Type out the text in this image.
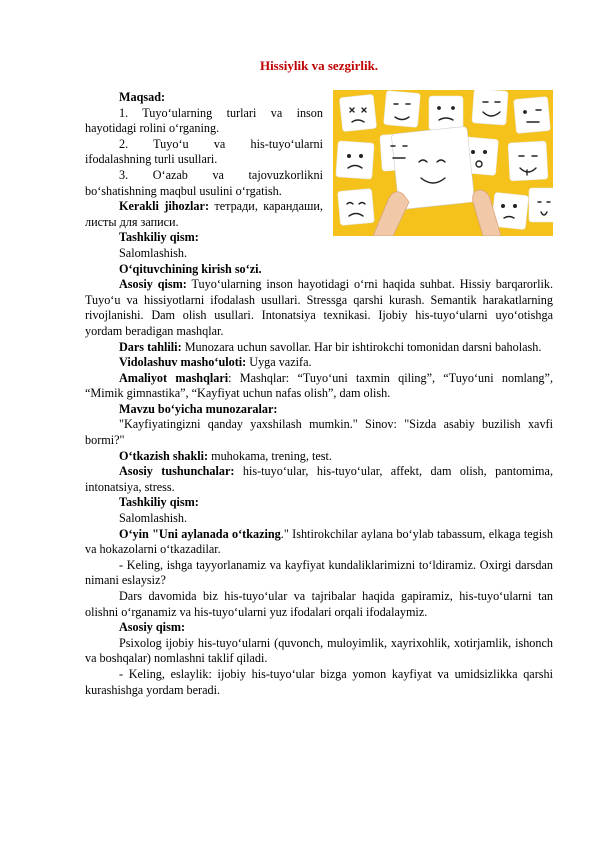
Hissiylik va sezgirlik.

Maqsad:

1. Tuyo‘ularning turlari va inson hayotidagi rolini o‘rganing.

2. Tuyo‘u va his-tuyo‘ularni ifodalashning turli usullari.

3. O‘azab va tajovuzkorlikni bo‘shatishning maqbul usulini o‘rgatish.

Kerakli jihozlar: тетради, карандаши, листы для записи.

Tashkiliy qism:

Salomlashish.

O‘qituvchining kirish so‘zi.

Asosiy qism: Tuyo‘ularning inson hayotidagi o‘rni haqida suhbat. Hissiy barqarorlik. Tuyo‘u va hissiyotlarni ifodalash usullari. Stressga qarshi kurash. Semantik harakatlarning rivojlanishi. Dam olish usullari. Intonatsiya texnikasi. Ijobiy his-tuyo‘ularni uyo‘otishga yordam beradigan mashqlar.

Dars tahlili: Munozara uchun savollar. Har bir ishtirokchi tomonidan darsni baholash.

Vidolashuv masho‘uloti: Uyga vazifa.

Amaliyot mashqlari: Mashqlar: “Tuyo‘uni taxmin qiling”, “Tuyo‘uni nomlang”, “Mimik gimnastika”, “Kayfiyat uchun nafas olish”, dam olish.

Mavzu bo‘yicha munozaralar:

"Kayfiyatingizni qanday yaxshilash mumkin." Sinov: "Sizda asabiy buzilish xavfi bormi?"

O‘tkazish shakli: muhokama, trening, test.

Asosiy tushunchalar: his-tuyo‘ular, his-tuyo‘ular, affekt, dam olish, pantomima, intonatsiya, stress.

Tashkiliy qism:

Salomlashish.

O‘yin "Uni aylanada o‘tkazing." Ishtirokchilar aylana bo‘ylab tabassum, elkaga tegish va hokazolarni o‘tkazadilar.

- Keling, ishga tayyorlanamiz va kayfiyat kundaliklarimizni to‘ldiramiz. Oxirgi darsdan nimani eslaysiz?

Dars davomida biz his-tuyo‘ular va tajribalar haqida gapiramiz, his-tuyo‘ularni tan olishni o‘rganamiz va his-tuyo‘ularni yuz ifodalari orqali ifodalaymiz.

Asosiy qism:

Psixolog ijobiy his-tuyo‘ularni (quvonch, muloyimlik, xayrixohlik, xotirjamlik, ishonch va boshqalar) nomlashni taklif qiladi.

- Keling, eslaylik: ijobiy his-tuyo‘ular bizga yomon kayfiyat va umidsizlikka qarshi kurashishga yordam beradi.
